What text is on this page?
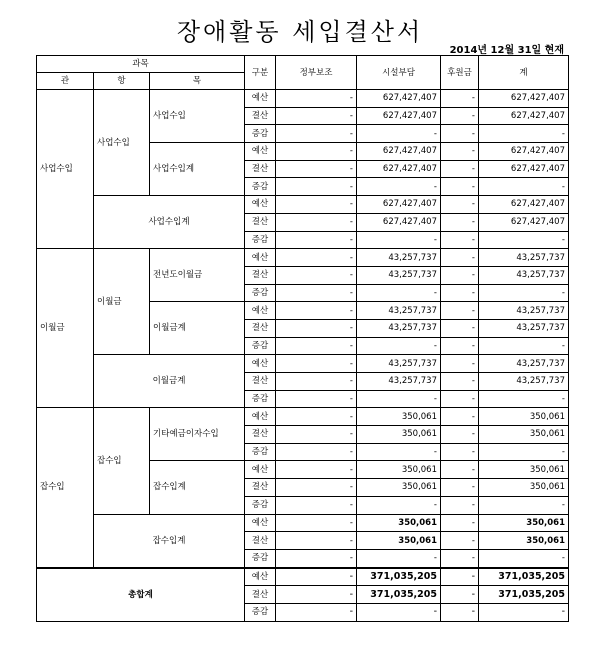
장애활동 세입결산서
2014년 12월 31일 현재
과목			구분	정부보조	시설부담	후원금	계
관	항	목					
사업수입	사업수입	사업수입	예산	-	627,427,407	-	627,427,407
			결산	-	627,427,407	-	627,427,407
			증감	-	-	-	-
		사업수입계	예산	-	627,427,407	-	627,427,407
			결산	-	627,427,407	-	627,427,407
			증감	-	-	-	-
	사업수입계		예산	-	627,427,407	-	627,427,407
			결산	-	627,427,407	-	627,427,407
			증감	-	-	-	-
이월금	이월금	전년도이월금	예산	-	43,257,737	-	43,257,737
			결산	-	43,257,737	-	43,257,737
			증감	-	-	-	-
		이월금계	예산	-	43,257,737	-	43,257,737
			결산	-	43,257,737	-	43,257,737
			증감	-	-	-	-
	이월금계		예산	-	43,257,737	-	43,257,737
			결산	-	43,257,737	-	43,257,737
			증감	-	-	-	-
잡수입	잡수입	기타예금이자수입	예산	-	350,061	-	350,061
			결산	-	350,061	-	350,061
			증감	-	-	-	-
		잡수입계	예산	-	350,061	-	350,061
			결산	-	350,061	-	350,061
			증감	-	-	-	-
	잡수입계		예산	-	350,061	-	350,061
			결산	-	350,061	-	350,061
			증감	-	-	-	-
총합계			예산	-	371,035,205	-	371,035,205
			결산	-	371,035,205	-	371,035,205
			증감	-	-	-	-
